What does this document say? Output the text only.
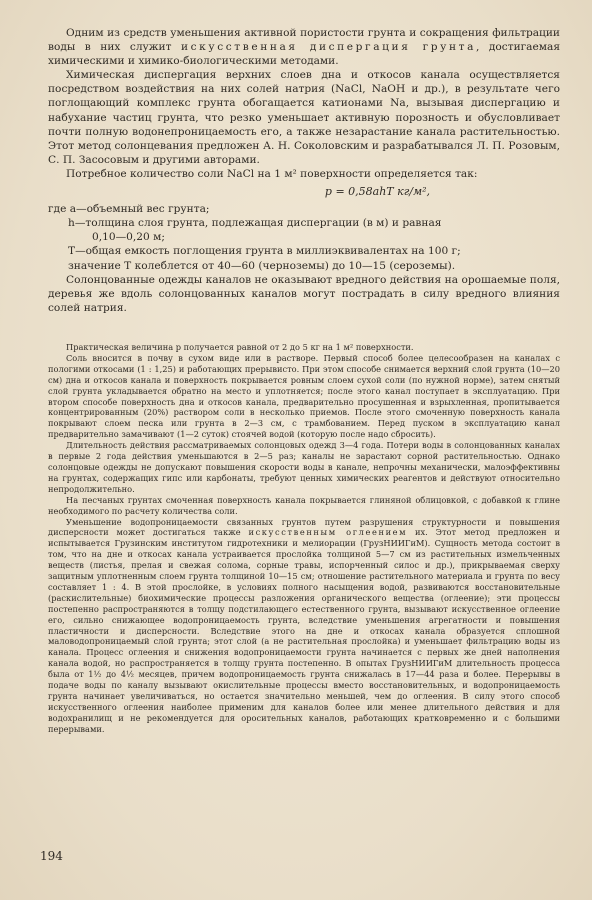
Одним из средств уменьшения активной пористости грунта и сокращения фильтрации воды в них служит искусственная диспергация грунта, достигаемая химическими и химико-биологическими методами.

Химическая диспергация верхних слоев дна и откосов канала осуществляется посредством воздействия на них солей натрия (NaCl, NaOH и др.), в результате чего поглощающий комплекс грунта обогащается катионами Na, вызывая диспергацию и набухание частиц грунта, что резко уменьшает активную порозность и обусловливает почти полную водонепроницаемость его, а также незарастание канала растительностью. Этот метод солонцевания предложен А. Н. Соколовским и разрабатывался Л. П. Розовым, С. П. Засосовым и другими авторами.

Потребное количество соли NaCl на 1 м² поверхности определяется так:

p = 0,58ahT кг/м²,
где a—объемный вес грунта;
h—толщина слоя грунта, подлежащая диспергации (в м) и равная
0,10—0,20 м;
T—общая емкость поглощения грунта в миллиэквивалентах на 100 г;
значение T колеблется от 40—60 (черноземы) до 10—15 (сероземы).

Солонцованные одежды каналов не оказывают вредного действия на орошаемые поля, деревья же вдоль солонцованных каналов могут пострадать в силу вредного влияния солей натрия.

Практическая величина p получается равной от 2 до 5 кг на 1 м² поверхности.

Соль вносится в почву в сухом виде или в растворе. Первый способ более целесообразен на каналах с пологими откосами (1 : 1,25) и работающих прерывисто. При этом способе снимается верхний слой грунта (10—20 см) дна и откосов канала и поверхность покрывается ровным слоем сухой соли (по нужной норме), затем снятый слой грунта укладывается обратно на место и уплотняется; после этого канал поступает в эксплуатацию. При втором способе поверхность дна и откосов канала, предварительно просушенная и взрыхленная, пропитывается концентрированным (20%) раствором соли в несколько приемов. После этого смоченную поверхность канала покрывают слоем песка или грунта в 2—3 см, с трамбованием. Перед пуском в эксплуатацию канал предварительно замачивают (1—2 суток) стоячей водой (которую после надо сбросить).

Длительность действия рассматриваемых солонцовых одежд 3—4 года. Потери воды в солонцованных каналах в первые 2 года действия уменьшаются в 2—5 раз; каналы не зарастают сорной растительностью. Однако солонцовые одежды не допускают повышения скорости воды в канале, непрочны механически, малоэффективны на грунтах, содержащих гипс или карбонаты, требуют ценных химических реагентов и действуют относительно непродолжительно.

На песчаных грунтах смоченная поверхность канала покрывается глиняной облицовкой, с добавкой к глине необходимого по расчету количества соли.

Уменьшение водопроницаемости связанных грунтов путем разрушения структурности и повышения дисперсности может достигаться также искусственным оглеением их. Этот метод предложен и испытывается Грузинским институтом гидротехники и мелиорации (ГрузНИИГиМ). Сущность метода состоит в том, что на дне и откосах канала устраивается прослойка толщиной 5—7 см из растительных измельченных веществ (листья, прелая и свежая солома, сорные травы, испорченный силос и др.), прикрываемая сверху защитным уплотненным слоем грунта толщиной 10—15 см; отношение растительного материала и грунта по весу составляет 1 : 4. В этой прослойке, в условиях полного насыщения водой, развиваются восстановительные (раскислительные) биохимические процессы разложения органического вещества (оглеение); эти процессы постепенно распространяются в толщу подстилающего естественного грунта, вызывают искусственное оглеение его, сильно снижающее водопроницаемость грунта, вследствие уменьшения агрегатности и повышения пластичности и дисперсности. Вследствие этого на дне и откосах канала образуется сплошной маловодопроницаемый слой грунта; этот слой (а не растительная прослойка) и уменьшает фильтрацию воды из канала. Процесс оглеения и снижения водопроницаемости грунта начинается с первых же дней наполнения канала водой, но распространяется в толщу грунта постепенно. В опытах ГрузНИИГиМ длительность процесса была от 1½ до 4½ месяцев, причем водопроницаемость грунта снижалась в 17—44 раза и более. Перерывы в подаче воды по каналу вызывают окислительные процессы вместо восстановительных, и водопроницаемость грунта начинает увеличиваться, но остается значительно меньшей, чем до оглеения. В силу этого способ искусственного оглеения наиболее применим для каналов более или менее длительного действия и для водохранилищ и не рекомендуется для оросительных каналов, работающих кратковременно и с большими перерывами.

194
